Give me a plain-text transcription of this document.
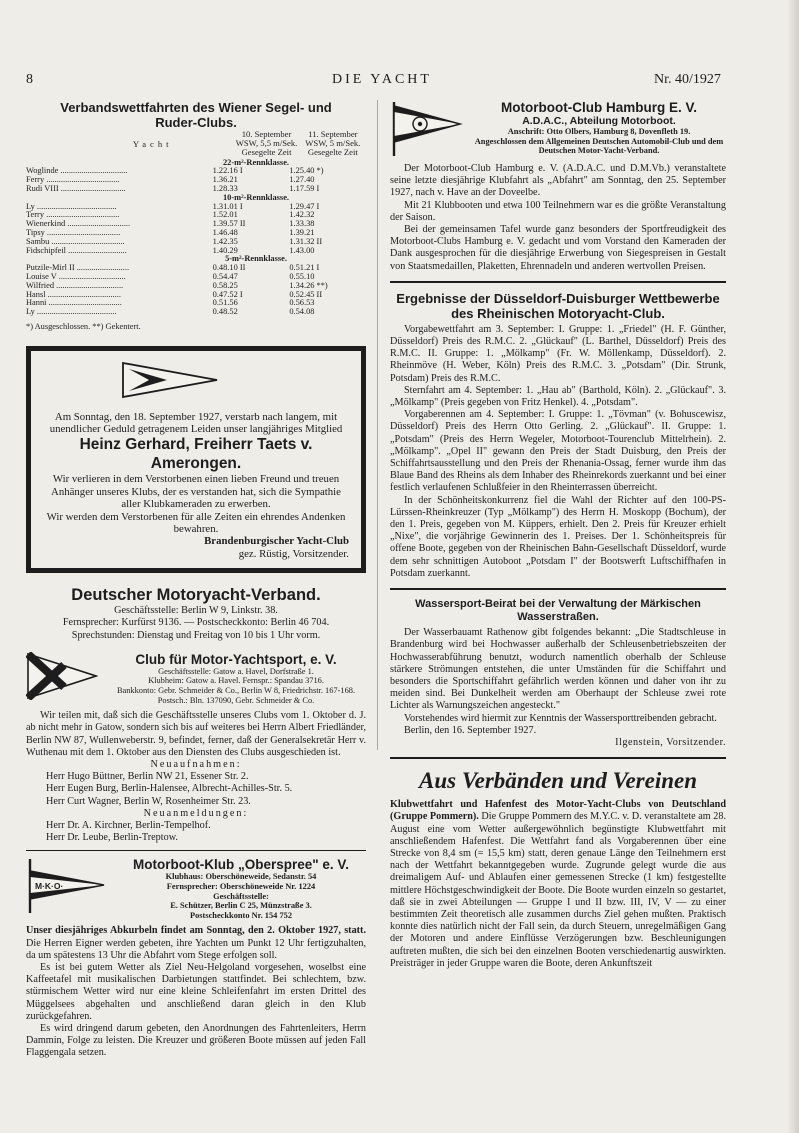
8	DIE YACHT	Nr. 40/1927
Verbandswettfahrten des Wiener Segel- und
Ruder-Clubs.
Yacht
10. September
WSW, 5,5 m/Sek.
Gesegelte Zeit
11. September
WSW, 5 m/Sek.
Gesegelte Zeit
22-m²-Rennklasse.		
Woglinde ................................	1.22.16 I	1.25.40 *)
Ferry ...................................	1.36.21	1.27.40
Rudi VIII ...............................	1.28.33	1.17.59 I
10-m²-Rennklasse.		
Ly ......................................	1.31.01 I	1.29.47 I
Terry ...................................	1.52.01	1.42.32
Wienerkind ..............................	1.39.57 II	1.33.38
Tipsy ...................................	1.46.48	1.39.21
Sambu ...................................	1.42.35	1.31.32 II
Fidschipfeil ............................	1.40.29	1.43.00
5-m²-Rennklasse.		
Putzile-Mirl II .........................	0.48.10 II	0.51.21 I
Louise V ................................	0.54.47	0.55.10
Wilfried ................................	0.58.25	1.34.26 **)
Hansl ...................................	0.47.52 I	0.52.45 II
Hanni ...................................	0.51.56	0.56.53
Ly ......................................	0.48.52	0.54.08
*) Ausgeschlossen. **) Gekentert.

Am Sonntag, den 18. September 1927, verstarb nach langem, mit unendlicher Geduld getragenem Leiden unser langjähriges Mitglied

Heinz Gerhard, Freiherr Taets v. Amerongen.

Wir verlieren in dem Verstorbenen einen lieben Freund und treuen Anhänger unseres Klubs, der es verstanden hat, sich die Sympathie aller Klubkameraden zu erwerben.

Wir werden dem Verstorbenen für alle Zeiten ein ehrendes Andenken bewahren.

Brandenburgischer Yacht-Club

gez. Rüstig, Vorsitzender.

Deutscher Motoryacht-Verband.

Geschäftsstelle: Berlin W 9, Linkstr. 38.

Fernsprecher: Kurfürst 9136. — Postscheckkonto: Berlin 46 704.

Sprechstunden: Dienstag und Freitag von 10 bis 1 Uhr vorm.

Club für Motor-Yachtsport, e. V.
Geschäftsstelle: Gatow a. Havel, Dorfstraße 1.
Klubheim: Gatow a. Havel. Fernspr.: Spandau 3716.
Bankkonto: Gebr. Schmeider & Co., Berlin W 8, Friedrichstr. 167-168. Postsch.: Bln. 137090, Gebr. Schmeider & Co.

Wir teilen mit, daß sich die Geschäftsstelle unseres Clubs vom 1. Oktober d. J. ab nicht mehr in Gatow, sondern sich bis auf weiteres bei Herrn Albert Friedländer, Berlin NW 87, Wullenweberstr. 9, befindet, ferner, daß der Generalsekretär Herr v. Wuthenau mit dem 1. Oktober aus den Diensten des Clubs ausgeschieden ist.

Neuaufnahmen:

Herr Hugo Büttner, Berlin NW 21, Essener Str. 2.

Herr Eugen Burg, Berlin-Halensee, Albrecht-Achilles-Str. 5.

Herr Curt Wagner, Berlin W, Rosenheimer Str. 23.

Neuanmeldungen:

Herr Dr. A. Kirchner, Berlin-Tempelhof.

Herr Dr. Leube, Berlin-Treptow.

M·K·O·
Motorboot-Klub „Oberspree" e. V.
Klubhaus: Oberschöneweide, Sedanstr. 54
Fernsprecher: Oberschöneweide Nr. 1224
Geschäftsstelle:
E. Schützer, Berlin C 25, Münzstraße 3.
Postscheckkonto Nr. 154 752

Unser diesjähriges Abkurbeln findet am Sonntag, den 2. Oktober 1927, statt. Die Herren Eigner werden gebeten, ihre Yachten um Punkt 12 Uhr fertigzuhalten, da um spätestens 13 Uhr die Abfahrt vom Stege erfolgen soll.

Es ist bei gutem Wetter als Ziel Neu-Helgoland vorgesehen, woselbst eine Kaffeetafel mit musikalischen Darbietungen stattfindet. Bei schlechtem, bzw. stürmischem Wetter wird nur eine kleine Schleifenfahrt im ersten Drittel des Müggelsees abgehalten und anschließend daran gleich in den Klub zurückgefahren.

Es wird dringend darum gebeten, den Anordnungen des Fahrtenleiters, Herrn Dammin, Folge zu leisten. Die Kreuzer und größeren Boote müssen auf jeden Fall Flaggengala setzen.

Motorboot-Club Hamburg E. V.
A.D.A.C., Abteilung Motorboot.
Anschrift: Otto Olbers, Hamburg 8, Dovenfleth 19.
Angeschlossen dem Allgemeinen Deutschen Automobil-Club und dem Deutschen Motor-Yacht-Verband.

Der Motorboot-Club Hamburg e. V. (A.D.A.C. und D.M.Vb.) veranstaltete seine letzte diesjährige Klubfahrt als „Abfahrt" am Sonntag, den 25. September 1927, nach v. Have an der Doveelbe.

Mit 21 Klubbooten und etwa 100 Teilnehmern war es die größte Veranstaltung der Saison.

Bei der gemeinsamen Tafel wurde ganz besonders der Sportfreudigkeit des Motorboot-Clubs Hamburg e. V. gedacht und vom Vorstand den Kameraden der Dank ausgesprochen für die diesjährige Erwerbung von Siegespreisen in Gestalt von Staatsmedaillen, Plaketten, Ehrennadeln und anderen wertvollen Preisen.

Ergebnisse der Düsseldorf-Duisburger Wettbewerbe des Rheinischen Motoryacht-Club.

Vorgabewettfahrt am 3. September: I. Gruppe: 1. „Friedel" (H. F. Günther, Düsseldorf) Preis des R.M.C. 2. „Glückauf" (L. Barthel, Düsseldorf) Preis des R.M.C. II. Gruppe: 1. „Mölkamp" (Fr. W. Möllenkamp, Düsseldorf). 2. Rheinmöve (H. Weber, Köln) Preis des R.M.C. 3. „Potsdam" (Dir. Strunk, Potsdam) Preis des R.M.C.

Sternfahrt am 4. September: 1. „Hau ab" (Barthold, Köln). 2. „Glückauf". 3. „Mölkamp" (Preis gegeben von Fritz Henkel). 4. „Potsdam".

Vorgaberennen am 4. September: I. Gruppe: 1. „Tövman" (v. Bohuscewisz, Düsseldorf) Preis des Herrn Otto Gerling. 2. „Glückauf". II. Gruppe: 1. „Potsdam" (Preis des Herrn Wegeler, Motorboot-Tourenclub Mittelrhein). 2. „Mölkamp". „Opel II" gewann den Preis der Stadt Duisburg, den Preis der Schiffahrtsausstellung und den Preis der Rhenania-Ossag, ferner wurde ihm das Blaue Band des Rheins als dem Inhaber des Rheinrekords zuerkannt und bei einer festlich verlaufenen Schlußfeier in den Rheinterrassen überreicht.

In der Schönheitskonkurrenz fiel die Wahl der Richter auf den 100-PS-Lürssen-Rheinkreuzer (Typ „Mölkamp") des Herrn H. Moskopp (Bochum), der den 1. Preis, gegeben von M. Küppers, erhielt. Den 2. Preis für Kreuzer erhielt „Nixe", die vorjährige Gewinnerin des 1. Preises. Der 1. Schönheitspreis für offene Boote, gegeben von der Rheinischen Bahn-Gesellschaft Düsseldorf, wurde dem sehr schnittigen Autoboot „Potsdam I" der Bootswerft Luftschiffhafen in Potsdam zuerkannt.

Wassersport-Beirat bei der Verwaltung der Märkischen Wasserstraßen.

Der Wasserbauamt Rathenow gibt folgendes bekannt: „Die Stadtschleuse in Brandenburg wird bei Hochwasser außerhalb der Schleusenbetriebszeiten der Hochwasserabführung benutzt, wodurch namentlich oberhalb der Schleuse stärkere Strömungen entstehen, die unter Umständen für die Schiffahrt und besonders die Sportschiffahrt gefährlich werden können und daher von ihr zu meiden sind. Bei Dunkelheit werden am Oberhaupt der Schleuse zwei rote Lichter als Warnungszeichen angesteckt."

Vorstehendes wird hiermit zur Kenntnis der Wassersporttreibenden gebracht.

Berlin, den 16. September 1927.

Ilgenstein, Vorsitzender.

Aus Verbänden und Vereinen

Klubwettfahrt und Hafenfest des Motor-Yacht-Clubs von Deutschland (Gruppe Pommern). Die Gruppe Pommern des M.Y.C. v. D. veranstaltete am 28. August eine vom Wetter außergewöhnlich begünstigte Klubwettfahrt mit anschließendem Hafenfest. Die Wettfahrt fand als Vorgaberennen über eine Strecke von 8,4 sm (= 15,5 km) statt, deren genaue Länge den Teilnehmern erst nach der Wettfahrt bekanntgegeben wurde. Zugrunde gelegt wurde die aus dreimaligem Auf- und Ablaufen einer gemessenen Strecke (1 km) festgestellte mittlere Höchstgeschwindigkeit der Boote. Die Boote wurden einzeln so gestartet, daß sie in zwei Abteilungen — Gruppe I und II bzw. III, IV, V — zu einer bestimmten Zeit theoretisch alle zusammen durchs Ziel gehen mußten. Praktisch konnte dies natürlich nicht der Fall sein, da durch Steuern, unregelmäßigen Gang der Motoren und andere Einflüsse Verzögerungen bzw. Beschleunigungen auftreten mußten, die sich bei den einzelnen Booten verschiedenartig auswirkten. Preisträger in jeder Gruppe waren die Boote, deren Ankunftszeit
